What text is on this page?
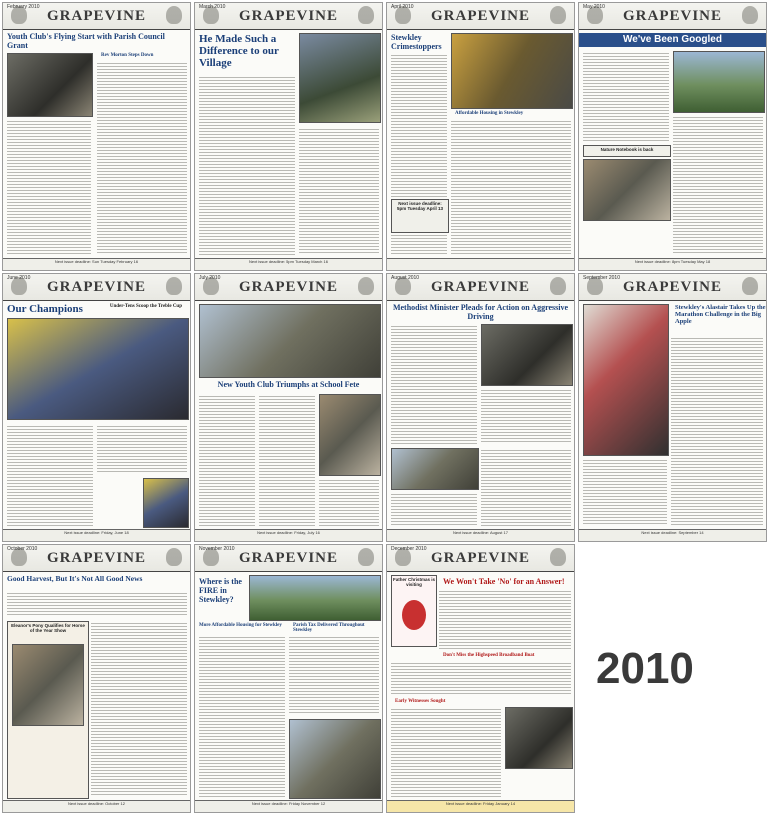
February 2010
GRAPEVINE
Youth Club's Flying Start with Parish Council Grant
Rev Morton Steps Down
Next issue deadline: Sun Tuesday February 16
March 2010
GRAPEVINE
He Made Such a Difference to our Village
Next issue deadline: 5pm Tuesday March 16
April 2010
GRAPEVINE
Stewkley Crimestoppers
Affordable Housing in Stewkley
Next issue deadline: 5pm Tuesday April 13
May 2010
GRAPEVINE
We've Been Googled
Nature Notebook is back
Next issue deadline: 8pm Tuesday May 18
June 2010
GRAPEVINE
Our Champions	Under-Tens Scoop the Treble Cup
Next issue deadline: Friday, June 18
July 2010
GRAPEVINE
New Youth Club Triumphs at School Fete
Next issue deadline: Friday, July 16
August 2010
GRAPEVINE
Methodist Minister Pleads for Action on Aggressive Driving
Next issue deadline: August 17
September 2010
GRAPEVINE
Stewkley's Alastair Takes Up the Marathon Challenge in the Big Apple
Next issue deadline: September 14
October 2010
GRAPEVINE
Good Harvest, But It's Not All Good News
Eleanor's Pony Qualifies for Horse of the Year Show
Next issue deadline: October 12
November 2010
GRAPEVINE
Where is the FIRE in Stewkley?
More Affordable Housing for Stewkley	Parish Tax Delivered Throughout Stewkley
Next issue deadline: Friday November 12
December 2010
GRAPEVINE
Father Christmas is visiting	We Won't Take 'No' for an Answer!
Don't Miss the Highspeed Broadband Boat
Early Witnesses Sought
Next issue deadline: Friday January 14
2010
